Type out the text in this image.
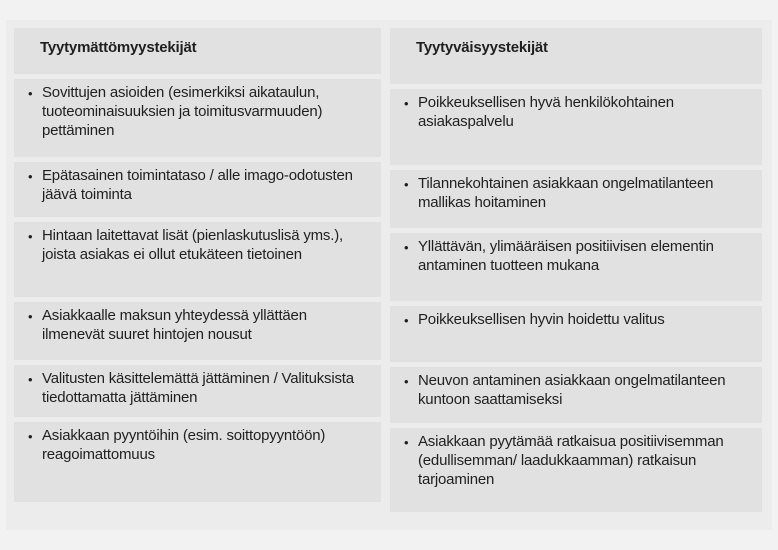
Tyytymättömyystekijät
• Sovittujen asioiden (esimerkiksi aikataulun, tuoteominaisuuksien ja toimitusvarmuuden) pettäminen
• Epätasainen toimintataso / alle imago-odotusten jäävä toiminta
• Hintaan laitettavat lisät (pienlaskutuslisä yms.), joista asiakas ei ollut etukäteen tietoinen
• Asiakkaalle maksun yhteydessä yllättäen ilmenevät suuret hintojen nousut
• Valitusten käsittelemättä jättäminen / Valituksista tiedottamatta jättäminen
• Asiakkaan pyyntöihin (esim. soittopyyntöön) reagoimattomuus
Tyytyväisyystekijät
• Poikkeuksellisen hyvä henkilökohtainen asiakaspalvelu
• Tilannekohtainen asiakkaan ongelmatilanteen mallikas hoitaminen
• Yllättävän, ylimääräisen positiivisen elementin antaminen tuotteen mukana
• Poikkeuksellisen hyvin hoidettu valitus
• Neuvon antaminen asiakkaan ongelmatilanteen kuntoon saattamiseksi
• Asiakkaan pyytämää ratkaisua positiivisemman (edullisemman/ laadukkaamman) ratkaisun tarjoaminen
